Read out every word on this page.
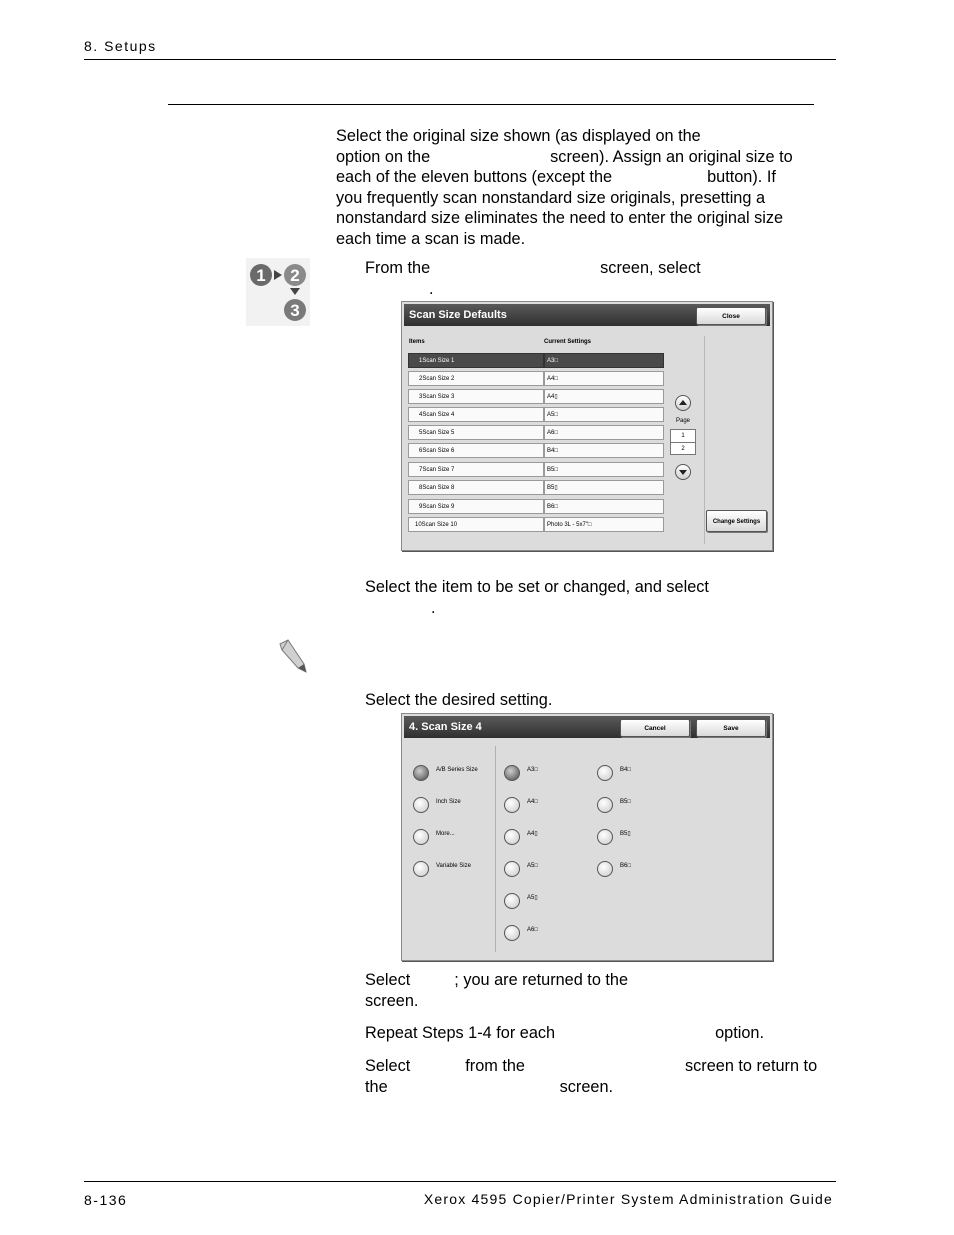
8. Setups
Select the original size shown (as displayed on the
option on the	screen). Assign an original size to
each of the eleven buttons (except the	button). If
you frequently scan nonstandard size originals, presetting a
nonstandard size eliminates the need to enter the original size
each time a scan is made.
1 2
3
From the	screen, select
.
Scan Size Defaults	Close
Items	Current Settings
1Scan Size 1	A3□
2Scan Size 2	A4□
3Scan Size 3	A4▯
4Scan Size 4	A5□
5Scan Size 5	A6□
6Scan Size 6	B4□
7Scan Size 7	B5□
8Scan Size 8	B5▯
9Scan Size 9	B6□
10Scan Size 10	Photo 3L - 5x7"□
Page
1
2
Change Settings
Select the item to be set or changed, and select
.
Select the desired setting.
4. Scan Size 4	Cancel	Save
A/B Series Size
Inch Size
More...
Variable Size
A3□
A4□
A4▯
A5□
A5▯
A6□
B4□
B5□
B5▯
B6□
Select	; you are returned to the
screen.
Repeat Steps 1-4 for each	option.
Select	from the	screen to return to
the	screen.
8-136	Xerox 4595 Copier/Printer System Administration Guide
